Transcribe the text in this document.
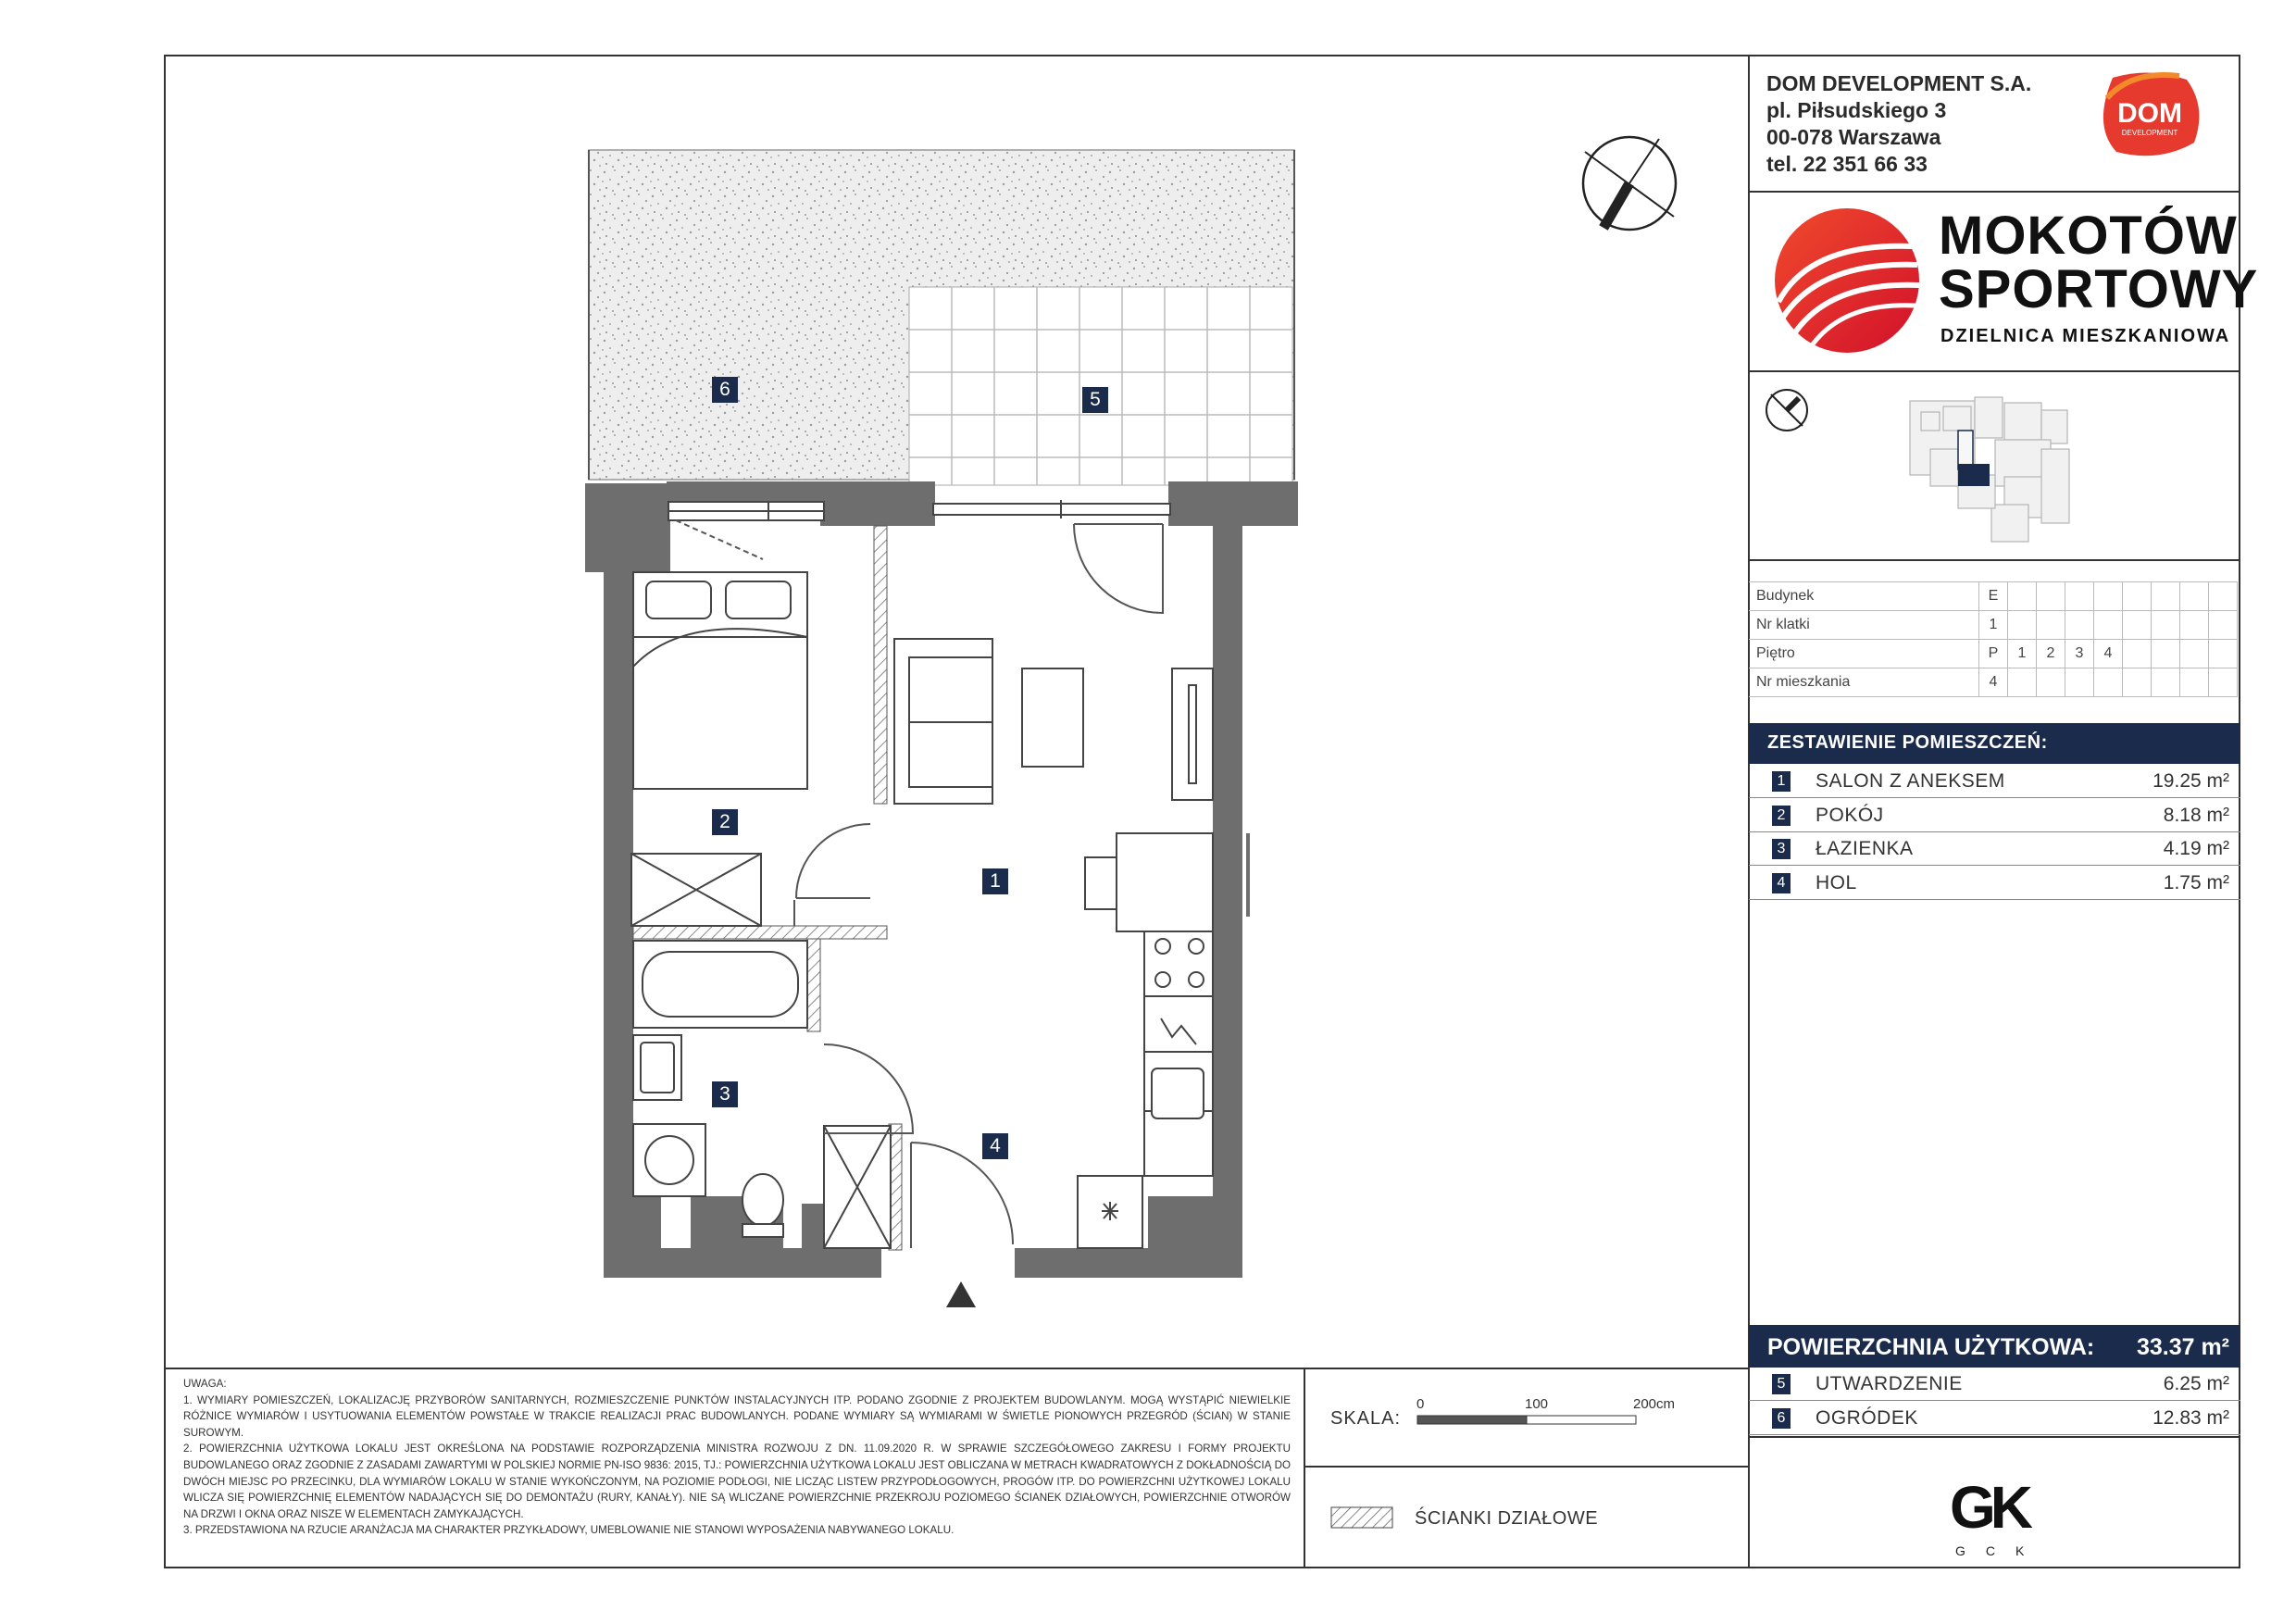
DOM DEVELOPMENT S.A.
pl. Piłsudskiego 3
00-078 Warszawa
tel. 22 351 66 33
DOM
DEVELOPMENT
MOKOTÓW
SPORTOWY
DZIELNICA MIESZKANIOWA
Budynek	E								
Nr klatki	1								
Piętro	P	1	2	3	4				
Nr mieszkania	4								
ZESTAWIENIE POMIESZCZEŃ:
1 SALON Z ANEKSEM	19.25 m²
2 POKÓJ	8.18 m²
3 ŁAZIENKA	4.19 m²
4 HOL	1.75 m²
POWIERZCHNIA UŻYTKOWA: 33.37 m²
5 UTWARDZENIE	6.25 m²
6 OGRÓDEK	12.83 m²

UWAGA:

1. WYMIARY POMIESZCZEŃ, LOKALIZACJĘ PRZYBORÓW SANITARNYCH, ROZMIESZCZENIE PUNKTÓW INSTALACYJNYCH ITP. PODANO ZGODNIE Z PROJEKTEM BUDOWLANYM. MOGĄ WYSTĄPIĆ NIEWIELKIE RÓŻNICE WYMIARÓW I USYTUOWANIA ELEMENTÓW POWSTAŁE W TRAKCIE REALIZACJI PRAC BUDOWLANYCH. PODANE WYMIARY SĄ WYMIARAMI W ŚWIETLE PIONOWYCH PRZEGRÓD (ŚCIAN) W STANIE SUROWYM.

2. POWIERZCHNIA UŻYTKOWA LOKALU JEST OKREŚLONA NA PODSTAWIE ROZPORZĄDZENIA MINISTRA ROZWOJU Z DN. 11.09.2020 R. W SPRAWIE SZCZEGÓŁOWEGO ZAKRESU I FORMY PROJEKTU BUDOWLANEGO ORAZ ZGODNIE Z ZASADAMI ZAWARTYMI W POLSKIEJ NORMIE PN-ISO 9836: 2015, TJ.: POWIERZCHNIA UŻYTKOWA LOKALU JEST OBLICZANA W METRACH KWADRATOWYCH Z DOKŁADNOŚCIĄ DO DWÓCH MIEJSC PO PRZECINKU, DLA WYMIARÓW LOKALU W STANIE WYKOŃCZONYM, NA POZIOMIE PODŁOGI, NIE LICZĄC LISTEW PRZYPODŁOGOWYCH, PROGÓW ITP. DO POWIERZCHNI UŻYTKOWEJ LOKALU WLICZA SIĘ POWIERZCHNIĘ ELEMENTÓW NADAJĄCYCH SIĘ DO DEMONTAŻU (RURY, KANAŁY). NIE SĄ WLICZANE POWIERZCHNIE PRZEKROJU POZIOMEGO ŚCIANEK DZIAŁOWYCH, POWIERZCHNIE OTWORÓW NA DRZWI I OKNA ORAZ NISZE W ELEMENTACH ZAMYKAJĄCYCH.

3. PRZEDSTAWIONA NA RZUCIE ARANŻACJA MA CHARAKTER PRZYKŁADOWY, UMEBLOWANIE NIE STANOWI WYPOSAŻENIA NABYWANEGO LOKALU.

SKALA:
0	100	200cm
ŚCIANKI DZIAŁOWE	GK
GCK
1
2
3
4
5
6
